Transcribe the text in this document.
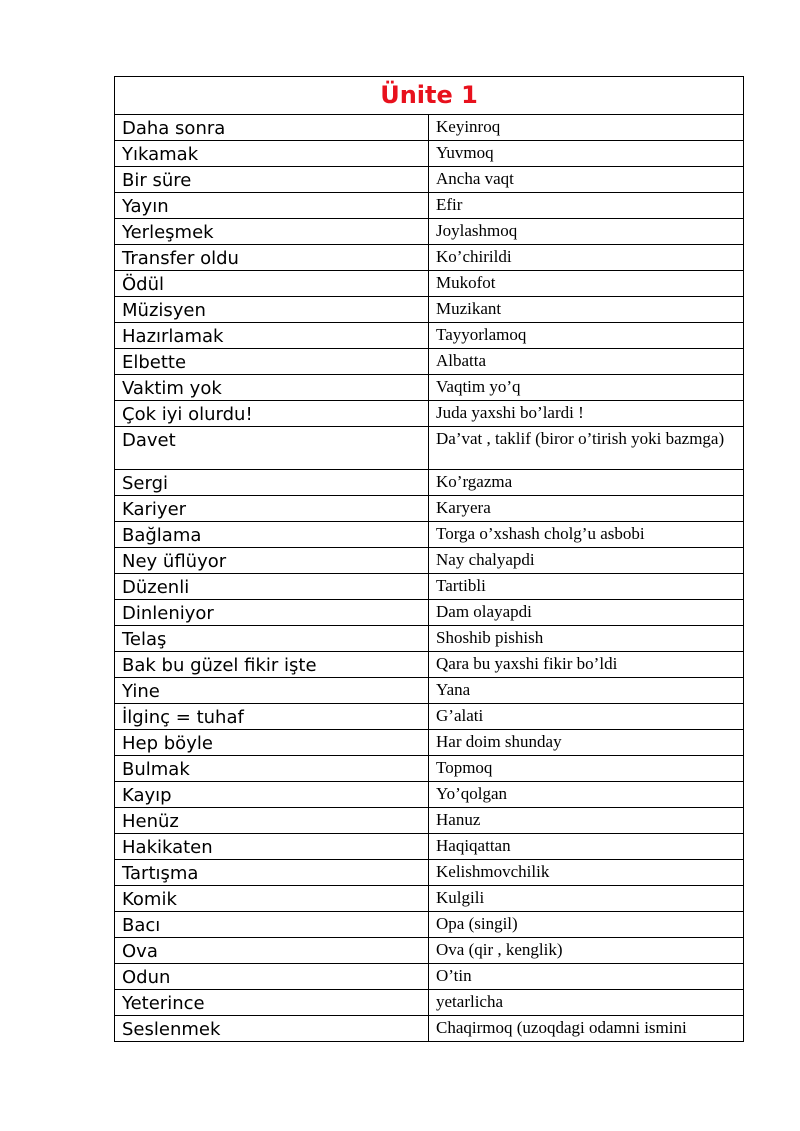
Ünite 1	
Daha sonra	Keyinroq
Yıkamak	Yuvmoq
Bir süre	Ancha vaqt
Yayın	Efir
Yerleşmek	Joylashmoq
Transfer oldu	Ko’chirildi
Ödül	Mukofot
Müzisyen	Muzikant
Hazırlamak	Tayyorlamoq
Elbette	Albatta
Vaktim yok	Vaqtim yo’q
Çok iyi olurdu!	Juda yaxshi bo’lardi !
Davet	Da’vat , taklif (biror o’tirish yoki bazmga)
Sergi	Ko’rgazma
Kariyer	Karyera
Bağlama	Torga o’xshash cholg’u asbobi
Ney üflüyor	Nay chalyapdi
Düzenli	Tartibli
Dinleniyor	Dam olayapdi
Telaş	Shoshib pishish
Bak bu güzel fikir işte	Qara bu yaxshi fikir bo’ldi
Yine	Yana
İlginç = tuhaf	G’alati
Hep böyle	Har doim shunday
Bulmak	Topmoq
Kayıp	Yo’qolgan
Henüz	Hanuz
Hakikaten	Haqiqattan
Tartışma	Kelishmovchilik
Komik	Kulgili
Bacı	Opa (singil)
Ova	Ova (qir , kenglik)
Odun	O’tin
Yeterince	yetarlicha
Seslenmek	Chaqirmoq (uzoqdagi odamni ismini
